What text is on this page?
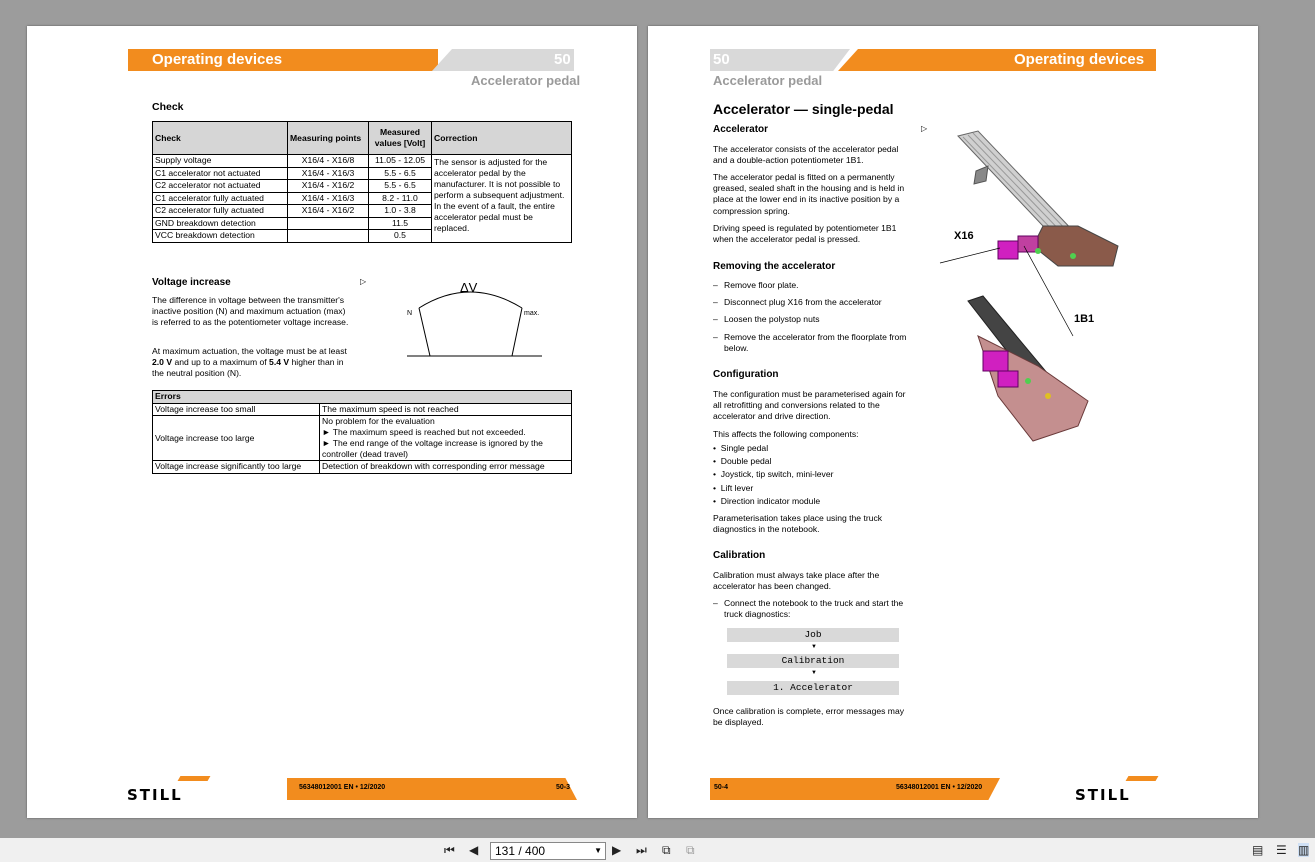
Operating devices	50
Accelerator pedal
Check
Check	Measuring points	Measured values [Volt]	Correction
Supply voltage	X16/4 - X16/8	11.05 - 12.05	The sensor is adjusted for the accelerator pedal by the manufacturer. It is not possible to perform a subsequent adjustment. In the event of a fault, the entire accelerator pedal must be replaced.
C1 accelerator not actuated	X16/4 - X16/3	5.5 - 6.5	
C2 accelerator not actuated	X16/4 - X16/2	5.5 - 6.5	
C1 accelerator fully actuated	X16/4 - X16/3	8.2 - 11.0	
C2 accelerator fully actuated	X16/4 - X16/2	1.0 - 3.8	
GND breakdown detection		11.5	
VCC breakdown detection		0.5	
Voltage increase	▷
The difference in voltage between the transmitter's inactive position (N) and maximum actuation (max) is referred to as the potentiometer voltage increase.
At maximum actuation, the voltage must be at least 2.0 V and up to a maximum of 5.4 V higher than in the neutral position (N).
ΔV
N	max.
Errors	
Voltage increase too small	The maximum speed is not reached
Voltage increase too large	No problem for the evaluation
► The maximum speed is reached but not exceeded.
► The end range of the voltage increase is ignored by the controller (dead travel)

Voltage increase significantly too large	Detection of breakdown with corresponding error message
STILL	56348012001 EN • 12/2020	50-3
50	Operating devices
Accelerator pedal
Accelerator — single-pedal
Accelerator	▷
The accelerator consists of the accelerator pedal and a double-action potentiometer 1B1.
The accelerator pedal is fitted on a permanently greased, sealed shaft in the housing and is held in place at the lower end in its inactive position by a compression spring.
Driving speed is regulated by potentiometer 1B1 when the accelerator pedal is pressed.
Removing the accelerator
– Remove floor plate.
– Disconnect plug X16 from the accelerator
– Loosen the polystop nuts
– Remove the accelerator from the floorplate from below.
Configuration
The configuration must be parameterised again for all retrofitting and conversions related to the accelerator and drive direction.
This affects the following components:
•  Single pedal
•  Double pedal
•  Joystick, tip switch, mini-lever
•  Lift lever
•  Direction indicator module
Parameterisation takes place using the truck diagnostics in the notebook.
Calibration
Calibration must always take place after the accelerator has been changed.
– Connect the notebook to the truck and start the truck diagnostics:
Job
▼
Calibration
▼
1. Accelerator
Once calibration is complete, error messages may be displayed.
X16
1B1
50-4	56348012001 EN • 12/2020	STILL
⏮ ◀	131 / 400	▼ ▶ ⏭ ⧉ ⧉	▤ ☰ ▥
